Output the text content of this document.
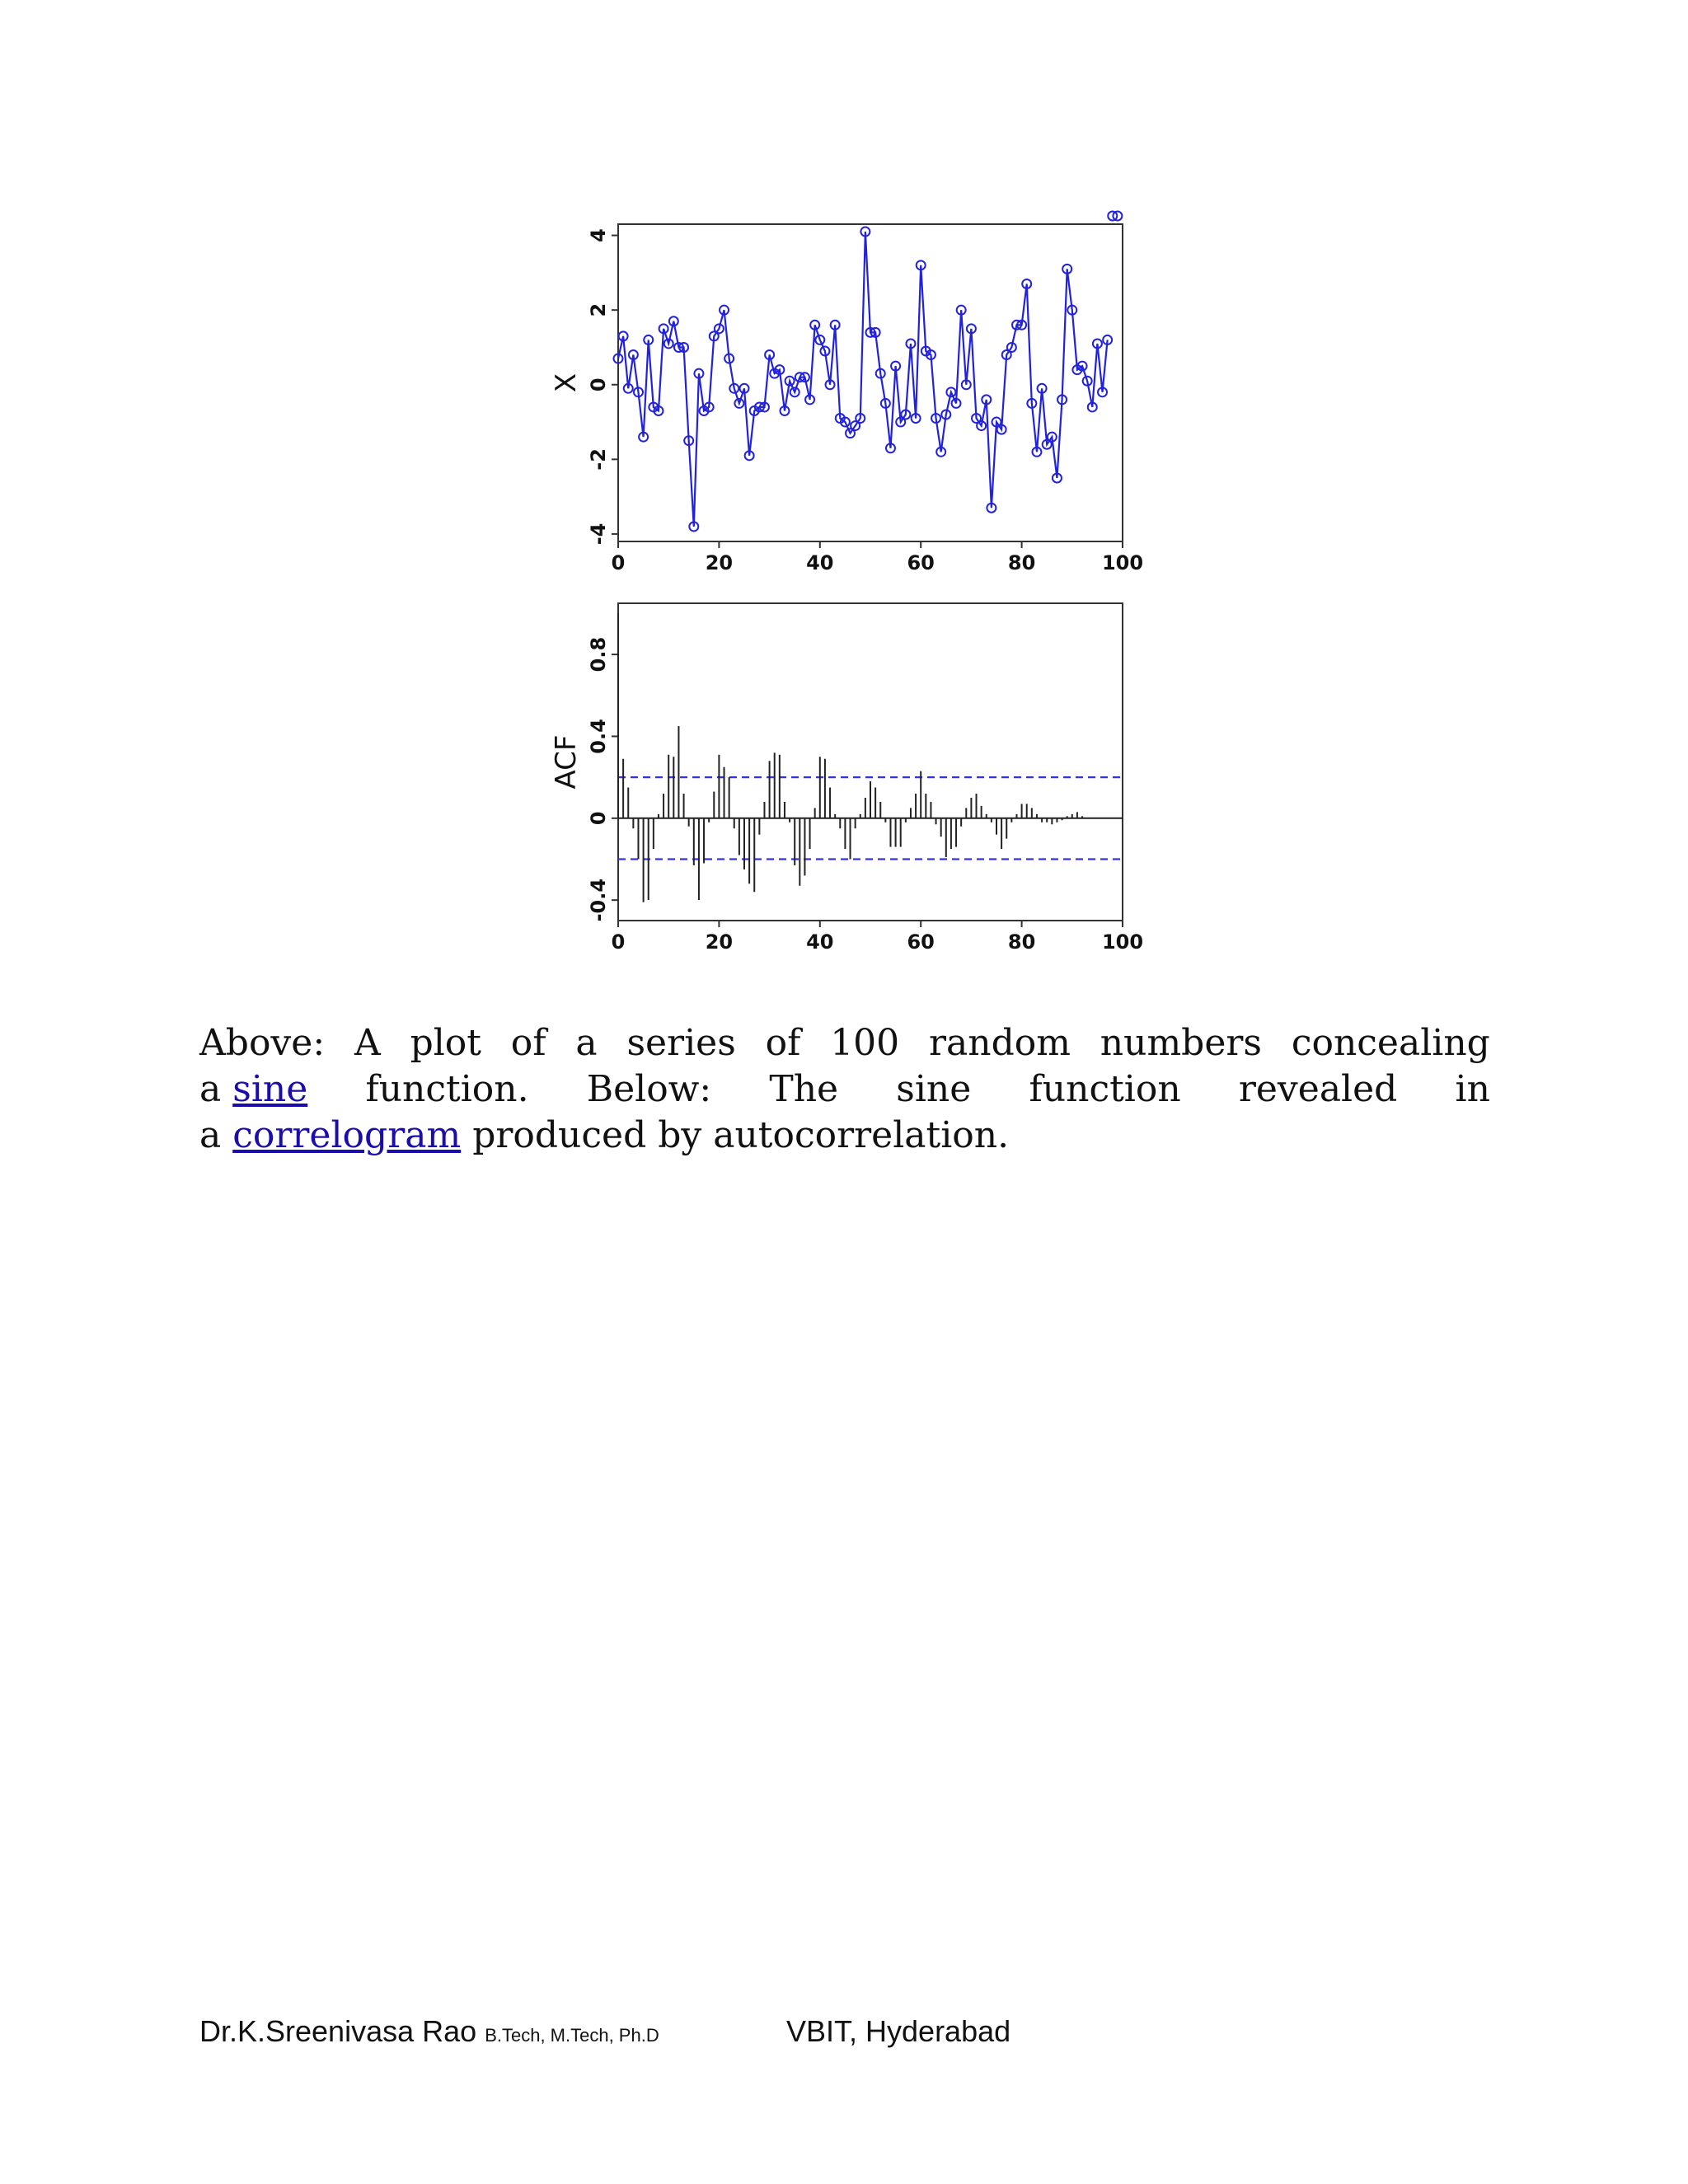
0	20	40	60	80	100
-4
-2
0
2
4
X
0	20	40	60	80	100
-0.4
0
0.4
0.8
ACF
Above: A plot of a series of 100 random numbers concealing
a sine function. Below: The sine function revealed in
a correlogram produced by autocorrelation.
Dr.K.Sreenivasa Rao B.Tech, M.Tech, Ph.D	VBIT, Hyderabad
